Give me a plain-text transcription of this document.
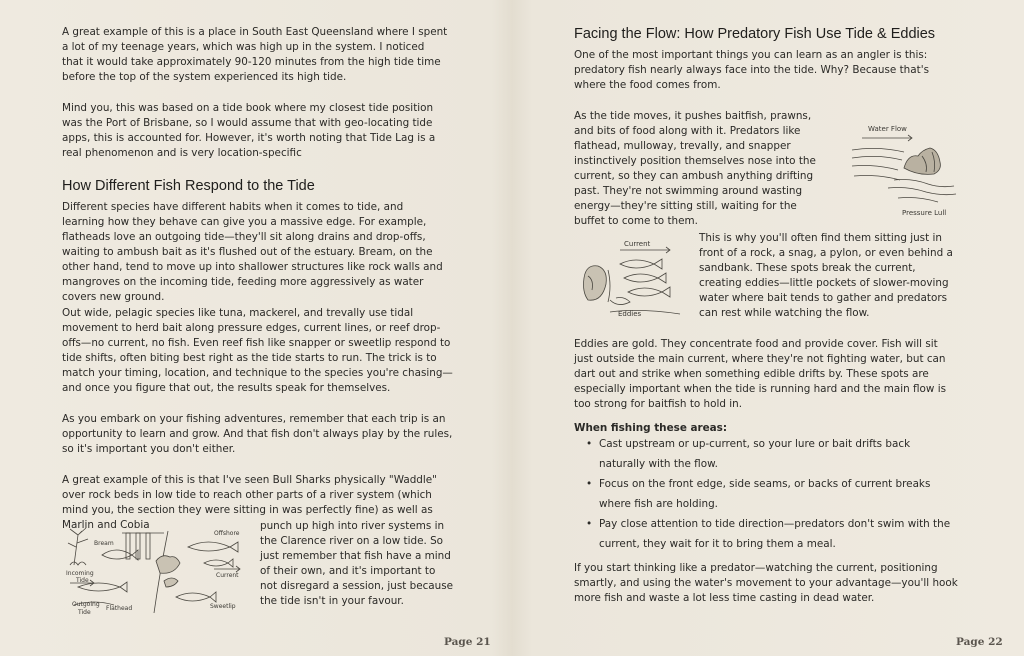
A great example of this is a place in South East Queensland where I spent a lot of my teenage years, which was high up in the system. I noticed that it would take approximately 90-120 minutes from the high tide time before the top of the system experienced its high tide.

Mind you, this was based on a tide book where my closest tide position was the Port of Brisbane, so I would assume that with geo-locating tide apps, this is accounted for. However, it's worth noting that Tide Lag is a real phenomenon and is very location-specific

How Different Fish Respond to the Tide

Different species have different habits when it comes to tide, and learning how they behave can give you a massive edge. For example, flatheads love an outgoing tide—they'll sit along drains and drop-offs, waiting to ambush bait as it's flushed out of the estuary. Bream, on the other hand, tend to move up into shallower structures like rock walls and mangroves on the incoming tide, feeding more aggressively as water covers new ground.

Out wide, pelagic species like tuna, mackerel, and trevally use tidal movement to herd bait along pressure edges, current lines, or reef drop-offs—no current, no fish. Even reef fish like snapper or sweetlip respond to tide shifts, often biting best right as the tide starts to run. The trick is to match your timing, location, and technique to the species you're chasing—and once you figure that out, the results speak for themselves.

As you embark on your fishing adventures, remember that each trip is an opportunity to learn and grow. And that fish don't always play by the rules, so it's important you don't either.

A great example of this is that I've seen Bull Sharks physically "Waddle" over rock beds in low tide to reach other parts of a river system (which mind you, the section they were sitting in was perfectly fine) as well as Marlin and Cobia

Bream
Offshore
Incoming
Tide
Current
Outgoing
Tide
Flathead	Sweetlip

punch up high into river systems in the Clarence river on a low tide. So just remember that fish have a mind of their own, and it's important to not disregard a session, just because the tide isn't in your favour.

Page 21
Facing the Flow: How Predatory Fish Use Tide & Eddies

One of the most important things you can learn as an angler is this: predatory fish nearly always face into the tide. Why? Because that's where the food comes from.

As the tide moves, it pushes baitfish, prawns, and bits of food along with it. Predators like flathead, mulloway, trevally, and snapper instinctively position themselves nose into the current, so they can ambush anything drifting past. They're not swimming around wasting energy—they're sitting still, waiting for the buffet to come to them.

Water Flow
Pressure Lull
Current
Eddies

This is why you'll often find them sitting just in front of a rock, a snag, a pylon, or even behind a sandbank. These spots break the current, creating eddies—little pockets of slower-moving water where bait tends to gather and predators can rest while watching the flow.

Eddies are gold. They concentrate food and provide cover. Fish will sit just outside the main current, where they're not fighting water, but can dart out and strike when something edible drifts by. These spots are especially important when the tide is running hard and the main flow is too strong for baitfish to hold in.

When fishing these areas:

• Cast upstream or up-current, so your lure or bait drifts back naturally with the flow.
• Focus on the front edge, side seams, or backs of current breaks where fish are holding.
• Pay close attention to tide direction—predators don't swim with the current, they wait for it to bring them a meal.

If you start thinking like a predator—watching the current, positioning smartly, and using the water's movement to your advantage—you'll hook more fish and waste a lot less time casting in dead water.

Page 22
